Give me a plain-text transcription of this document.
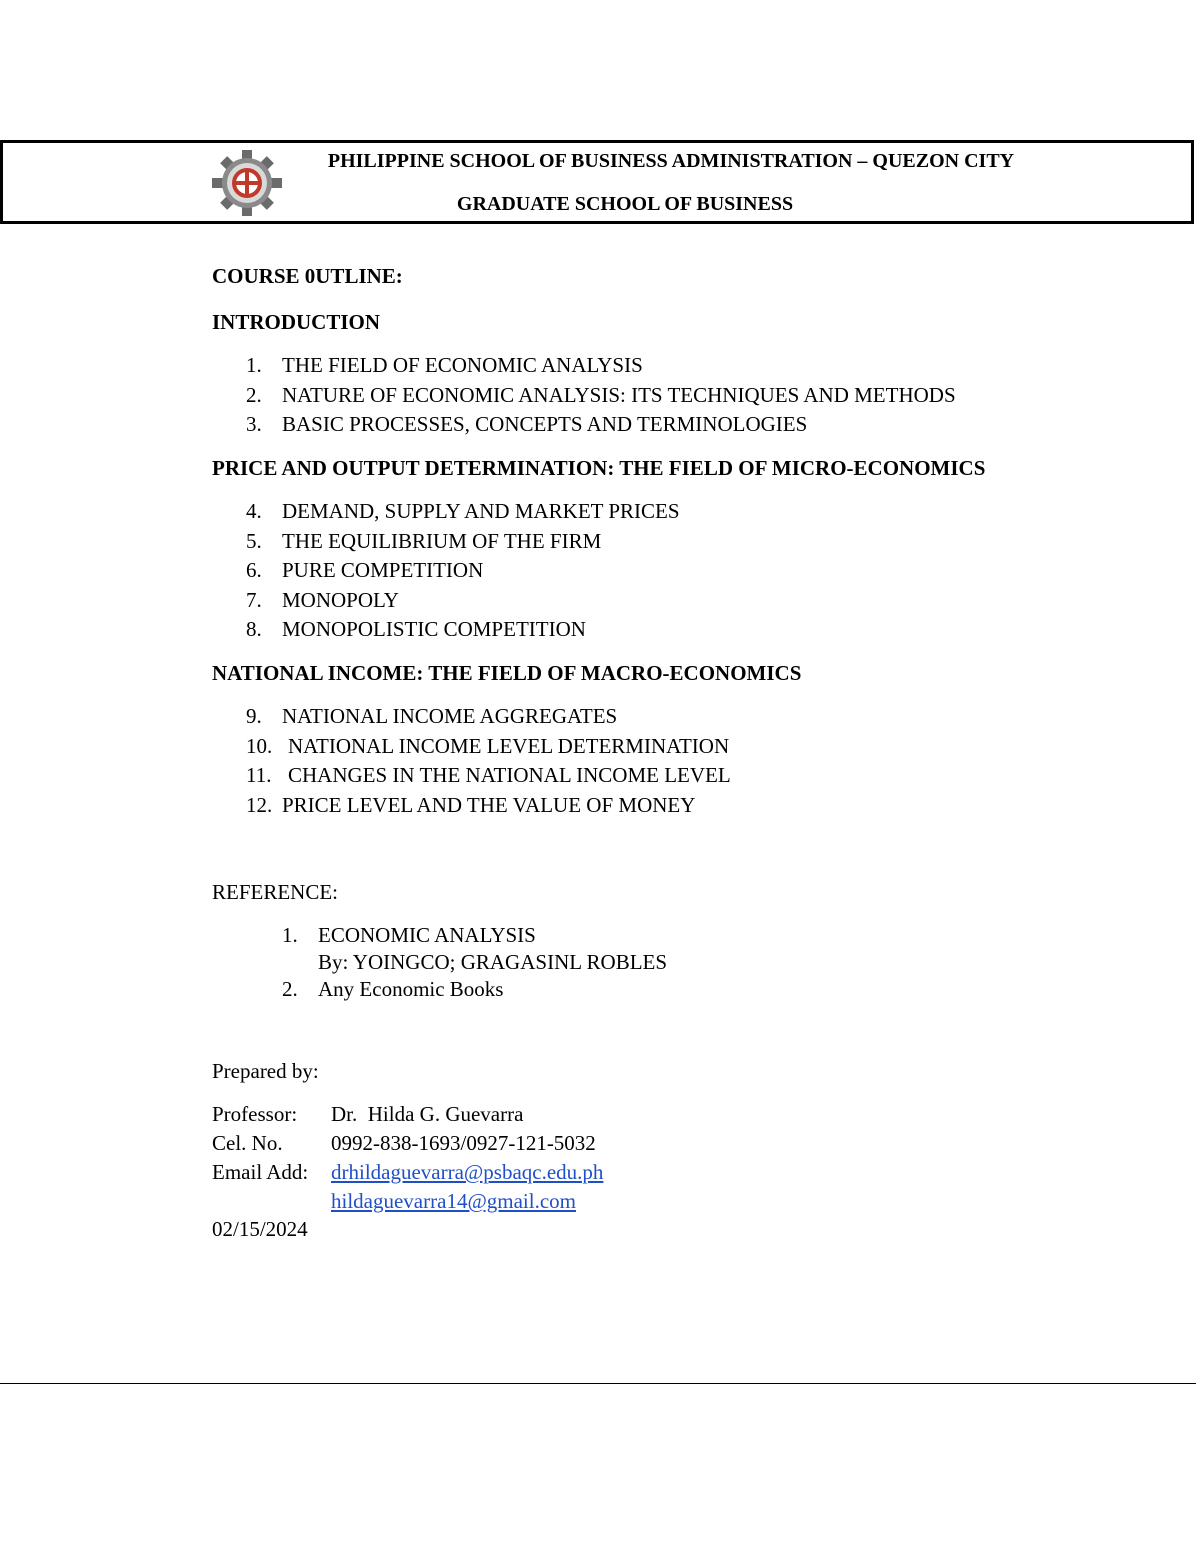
PHILIPPINE SCHOOL OF BUSINESS ADMINISTRATION – QUEZON CITY
GRADUATE SCHOOL OF BUSINESS

COURSE 0UTLINE:

INTRODUCTION

1. THE FIELD OF ECONOMIC ANALYSIS
2. NATURE OF ECONOMIC ANALYSIS: ITS TECHNIQUES AND METHODS
3. BASIC PROCESSES, CONCEPTS AND TERMINOLOGIES

PRICE AND OUTPUT DETERMINATION: THE FIELD OF MICRO-ECONOMICS

4. DEMAND, SUPPLY AND MARKET PRICES
5. THE EQUILIBRIUM OF THE FIRM
6. PURE COMPETITION
7. MONOPOLY
8. MONOPOLISTIC COMPETITION

NATIONAL INCOME: THE FIELD OF MACRO-ECONOMICS

9. NATIONAL INCOME AGGREGATES
10. NATIONAL INCOME LEVEL DETERMINATION
11. CHANGES IN THE NATIONAL INCOME LEVEL
12. PRICE LEVEL AND THE VALUE OF MONEY

REFERENCE:

1. ECONOMIC ANALYSIS
By: YOINGCO; GRAGASINL ROBLES
2. Any Economic Books

Prepared by:

Professor:	Dr.  Hilda G. Guevarra
Cel. No.	0992-838-1693/0927-121-5032
Email Add:	drhildaguevarra@psbaqc.edu.ph
hildaguevarra14@gmail.com
02/15/2024
